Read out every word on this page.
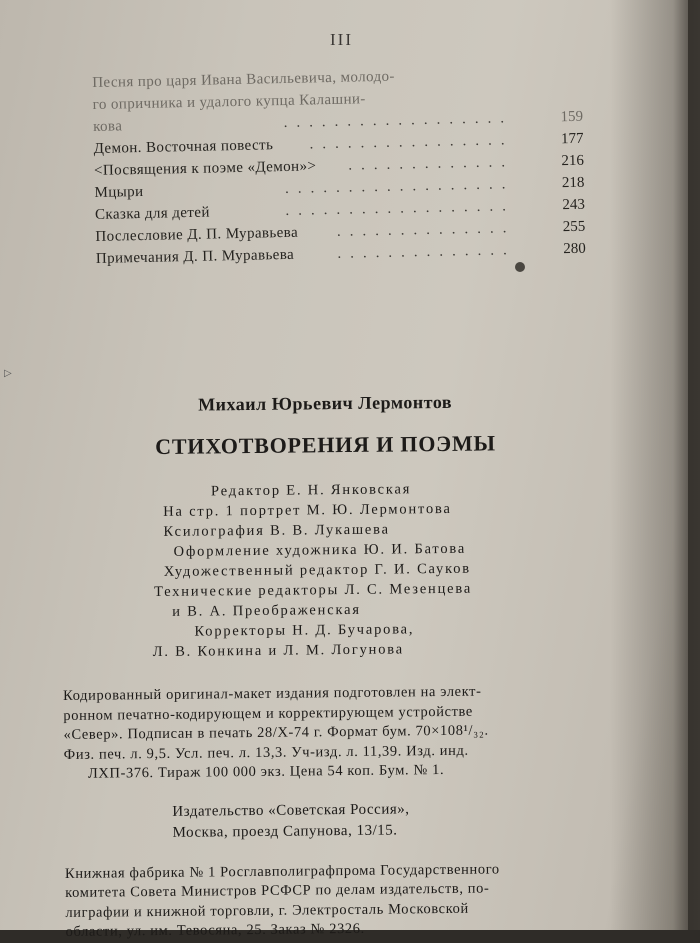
III
Песня про царя Ивана Васильевича, молодо-
го опричника и удалого купца Калашни-
кова	..................	159
Демон. Восточная повесть ................	177
<Посвящения к поэме «Демон»> .............	216
Мцыри	..................	218
Сказка для детей	..................	243
Послесловие Д. П. Муравьева	..............	255
Примечания Д. П. Муравьева	..............	280
▷
Михаил Юрьевич Лермонтов
СТИХОТВОРЕНИЯ И ПОЭМЫ
Редактор Е. Н. Янковская
На стр. 1 портрет М. Ю. Лермонтова
Ксилография В. В. Лукашева
Оформление художника Ю. И. Батова
Художественный редактор Г. И. Сауков
Технические редакторы Л. С. Мезенцева
и В. А. Преображенская
Корректоры Н. Д. Бучарова,
Л. В. Конкина и Л. М. Логунова
Кодированный оригинал-макет издания подготовлен на элект-
ронном печатно-кодирующем и корректирующем устройстве
«Север». Подписан в печать 28/Х-74 г. Формат бум. 70×108¹/₃₂.
Физ. печ. л. 9,5. Усл. печ. л. 13,3. Уч-изд. л. 11,39. Изд. инд.
ЛХП-376. Тираж 100 000 экз. Цена 54 коп. Бум. № 1.
Издательство «Советская Россия»,
Москва, проезд Сапунова, 13/15.
Книжная фабрика № 1 Росглавполиграфпрома Государственного
комитета Совета Министров РСФСР по делам издательств, по-
лиграфии и книжной торговли, г. Электросталь Московской
области, ул. им. Тевосяна, 25. Заказ № 2326.
